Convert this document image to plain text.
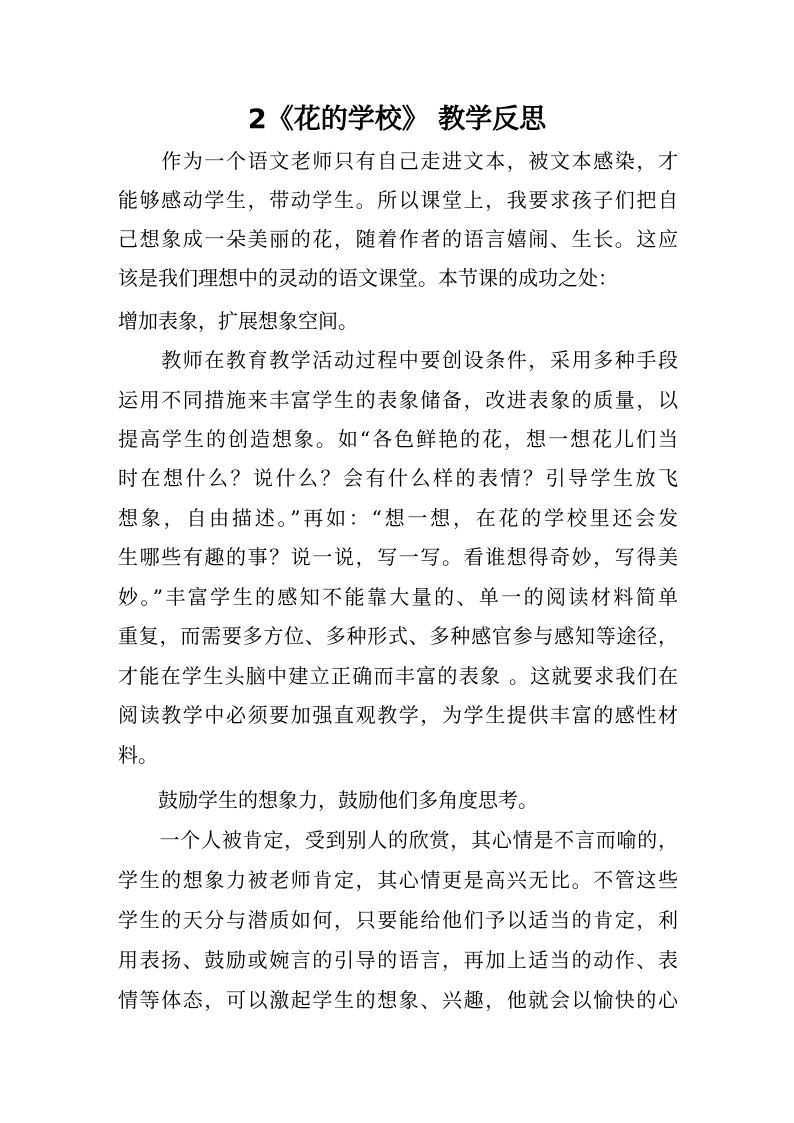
2《花的学校》 教学反思
　　作为一个语文老师只有自己走进文本，被文本感染，才
能够感动学生，带动学生。所以课堂上，我要求孩子们把自
己想象成一朵美丽的花，随着作者的语言嬉闹、生长。这应
该是我们理想中的灵动的语文课堂。本节课的成功之处：
增加表象，扩展想象空间。
　　教师在教育教学活动过程中要创设条件，采用多种手段
运用不同措施来丰富学生的表象储备，改进表象的质量，以
提高学生的创造想象。如“各色鲜艳的花，想一想花儿们当
时在想什么？说什么？会有什么样的表情？引导学生放飞
想象，自由描述。”再如：“想一想，在花的学校里还会发
生哪些有趣的事？说一说，写一写。看谁想得奇妙，写得美
妙。”丰富学生的感知不能靠大量的、单一的阅读材料简单
重复，而需要多方位、多种形式、多种感官参与感知等途径，
才能在学生头脑中建立正确而丰富的表象 。这就要求我们在
阅读教学中必须要加强直观教学，为学生提供丰富的感性材
料。
　　鼓励学生的想象力，鼓励他们多角度思考。
　　一个人被肯定，受到别人的欣赏，其心情是不言而喻的，
学生的想象力被老师肯定，其心情更是高兴无比。不管这些
学生的天分与潜质如何，只要能给他们予以适当的肯定，利
用表扬、鼓励或婉言的引导的语言，再加上适当的动作、表
情等体态，可以激起学生的想象、兴趣，他就会以愉快的心
